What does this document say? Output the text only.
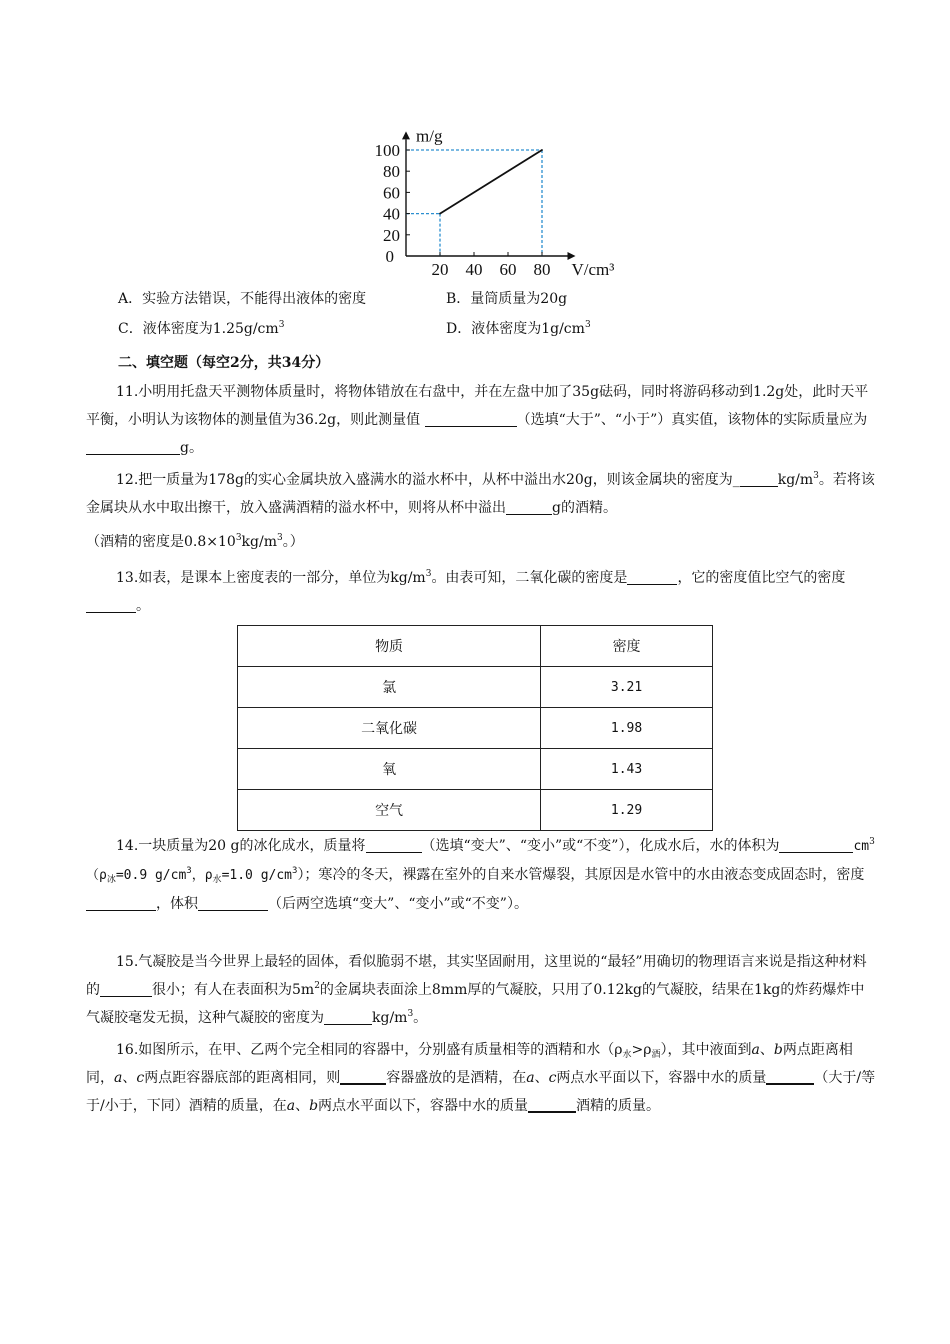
20 40 60 80
0
20
40
60
80
100
m/g
V/cm³
A．实验方法错误，不能得出液体的密度	B．量筒质量为20g
C．液体密度为$1.25g/cm^3$	D．液体密度为$1g/cm^3$
二、填空题（每空2分，共34分）

11.小明用托盘天平测物体质量时，将物体错放在右盘中，并在左盘中加了35g砝码，同时将游码移动到1.2g处，此时天平平衡，小明认为该物体的测量值为36.2g，则此测量值	（选填“大于”、“小于”）真实值，该物体的实际质量应为 g。

12.把一质量为178g的实心金属块放入盛满水的溢水杯中，从杯中溢出水20g，则该金属块的密度为_	$kg/m^3$。若将该金属块从水中取出擦干，放入盛满酒精的溢水杯中，则将从杯中溢出	g的酒精。

（酒精的密度是$0.8\times 10^3kg/m^3$。）

13.如表，是课本上密度表的一部分，单位为$kg/m^3$。由表可知，二氧化碳的密度是	，它的密度值比空气的密度。

物质	密度
氯	3.21
二氧化碳	1.98
氧	1.43
空气	1.29

14.一块质量为20 g的冰化成水，质量将	（选填“变大”、“变小”或“不变”），化成水后，水的体积为	$cm^3(\rho_冰=0.9$ $g/cm^3$，$\rho_水=1.0$ $g/cm^3$）；寒冷的冬天，裸露在室外的自来水管爆裂，其原因是水管中的水由液态变成固态时，密度，体积	（后两空选填“变大”、“变小”或“不变”）。

15.气凝胶是当今世界上最轻的固体，看似脆弱不堪，其实坚固耐用，这里说的“最轻”用确切的物理语言来说是指这种材料的	很小；有人在表面积为$5m^2$的金属块表面涂上8mm厚的气凝胶，只用了0.12kg的气凝胶，结果在1kg的炸药爆炸中气凝胶毫发无损，这种气凝胶的密度为	$kg/m^3$。

16.如图所示，在甲、乙两个完全相同的容器中，分别盛有质量相等的酒精和水$(\rho_水>\rho_酒)$，其中液面到a、b两点距离相同，a、c两点距容器底部的距离相同，则	容器盛放的是酒精，在a、c两点水平面以下，容器中水的质量	（大于/等于/小于，下同）酒精的质量，在a、b两点水平面以下，容器中水的质量	酒精的质量。
